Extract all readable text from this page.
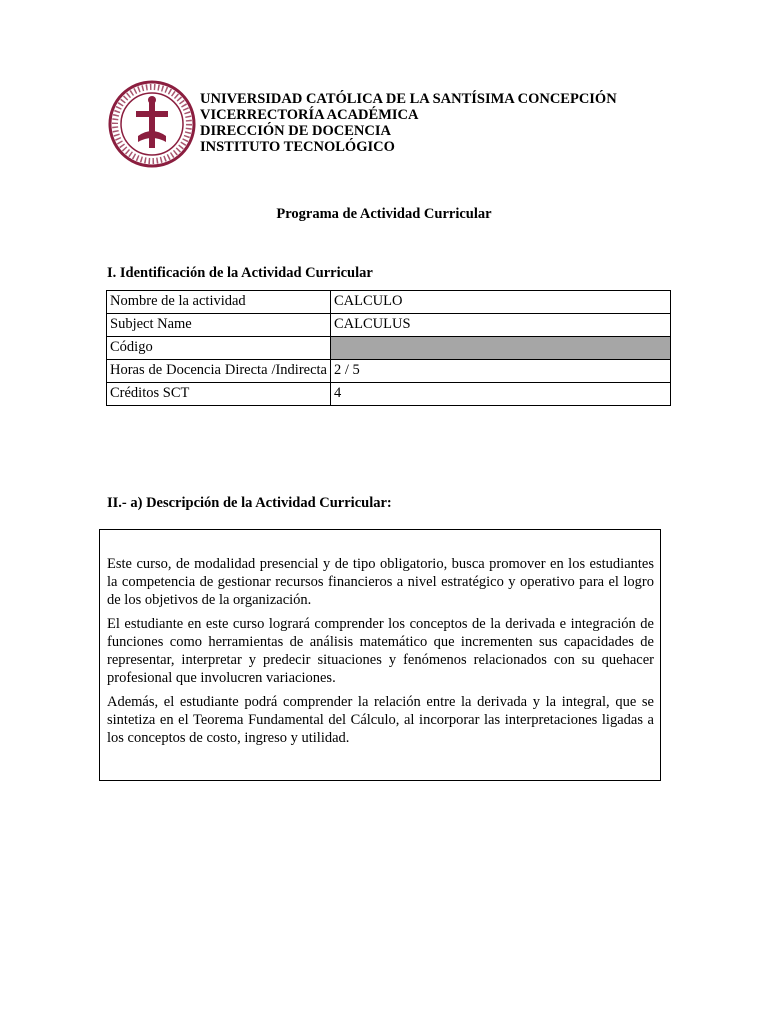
UNIVERSIDAD CATÓLICA DE LA SANTÍSIMA CONCEPCIÓN
VICERRECTORÍA ACADÉMICA
DIRECCIÓN DE DOCENCIA
INSTITUTO TECNOLÓGICO
Programa de Actividad Curricular
I. Identificación de la Actividad Curricular
Nombre de la actividad	CALCULO
Subject Name	CALCULUS
Código	
Horas de Docencia Directa /Indirecta	2 / 5
Créditos SCT	4
II.- a) Descripción de la Actividad Curricular:

Este curso, de modalidad presencial y de tipo obligatorio, busca promover en los estudiantes la competencia de gestionar recursos financieros a nivel estratégico y operativo para el logro de los objetivos de la organización.

El estudiante en este curso logrará comprender los conceptos de la derivada e integración de funciones como herramientas de análisis matemático que incrementen sus capacidades de representar, interpretar y predecir situaciones y fenómenos relacionados con su quehacer profesional que involucren variaciones.

Además, el estudiante podrá comprender la relación entre la derivada y la integral, que se sintetiza en el Teorema Fundamental del Cálculo, al incorporar las interpretaciones ligadas a los conceptos de costo, ingreso y utilidad.
